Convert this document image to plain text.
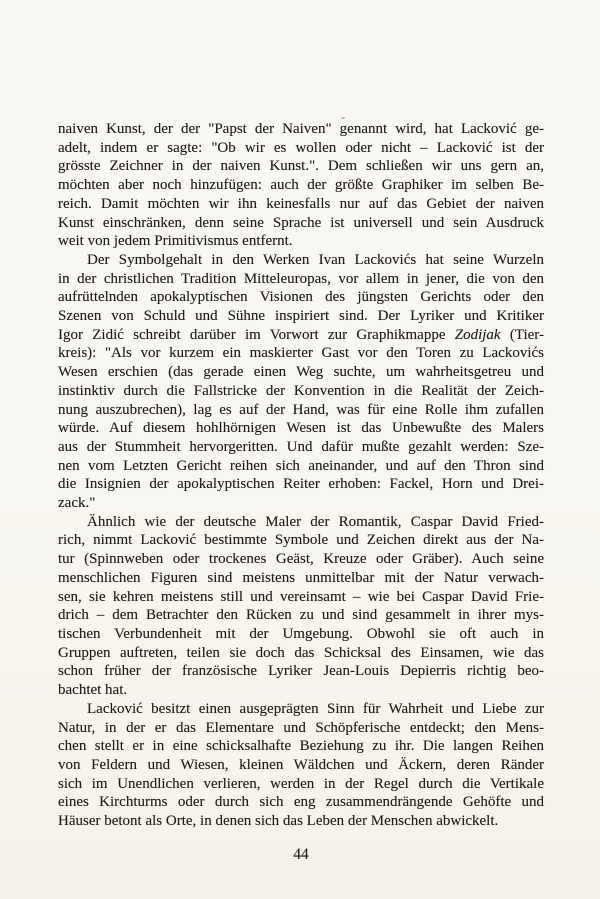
naiven Kunst, der der "Papst der Naiven" genannt wird, hat Lacković ge-
adelt, indem er sagte: "Ob wir es wollen oder nicht – Lacković ist der
grösste Zeichner in der naiven Kunst.". Dem schließen wir uns gern an,
möchten aber noch hinzufügen: auch der größte Graphiker im selben Be-
reich. Damit möchten wir ihn keinesfalls nur auf das Gebiet der naiven
Kunst einschränken, denn seine Sprache ist universell und sein Ausdruck
weit von jedem Primitivismus entfernt.
Der Symbolgehalt in den Werken Ivan Lackovićs hat seine Wurzeln
in der christlichen Tradition Mitteleuropas, vor allem in jener, die von den
aufrüttelnden apokalyptischen Visionen des jüngsten Gerichts oder den
Szenen von Schuld und Sühne inspiriert sind. Der Lyriker und Kritiker
Igor Zidić schreibt darüber im Vorwort zur Graphikmappe Zodijak (Tier-
kreis): "Als vor kurzem ein maskierter Gast vor den Toren zu Lackovićs
Wesen erschien (das gerade einen Weg suchte, um wahrheitsgetreu und
instinktiv durch die Fallstricke der Konvention in die Realität der Zeich-
nung auszubrechen), lag es auf der Hand, was für eine Rolle ihm zufallen
würde. Auf diesem hohlhörnigen Wesen ist das Unbewußte des Malers
aus der Stummheit hervorgeritten. Und dafür mußte gezahlt werden: Sze-
nen vom Letzten Gericht reihen sich aneinander, und auf den Thron sind
die Insignien der apokalyptischen Reiter erhoben: Fackel, Horn und Drei-
zack."
Ähnlich wie der deutsche Maler der Romantik, Caspar David Fried-
rich, nimmt Lacković bestimmte Symbole und Zeichen direkt aus der Na-
tur (Spinnweben oder trockenes Geäst, Kreuze oder Gräber). Auch seine
menschlichen Figuren sind meistens unmittelbar mit der Natur verwach-
sen, sie kehren meistens still und vereinsamt – wie bei Caspar David Frie-
drich – dem Betrachter den Rücken zu und sind gesammelt in ihrer mys-
tischen Verbundenheit mit der Umgebung. Obwohl sie oft auch in
Gruppen auftreten, teilen sie doch das Schicksal des Einsamen, wie das
schon früher der französische Lyriker Jean-Louis Depierris richtig beo-
bachtet hat.
Lacković besitzt einen ausgeprägten Sinn für Wahrheit und Liebe zur
Natur, in der er das Elementare und Schöpferische entdeckt; den Mens-
chen stellt er in eine schicksalhafte Beziehung zu ihr. Die langen Reihen
von Feldern und Wiesen, kleinen Wäldchen und Äckern, deren Ränder
sich im Unendlichen verlieren, werden in der Regel durch die Vertikale
eines Kirchturms oder durch sich eng zusammendrängende Gehöfte und
Häuser betont als Orte, in denen sich das Leben der Menschen abwickelt.
44
